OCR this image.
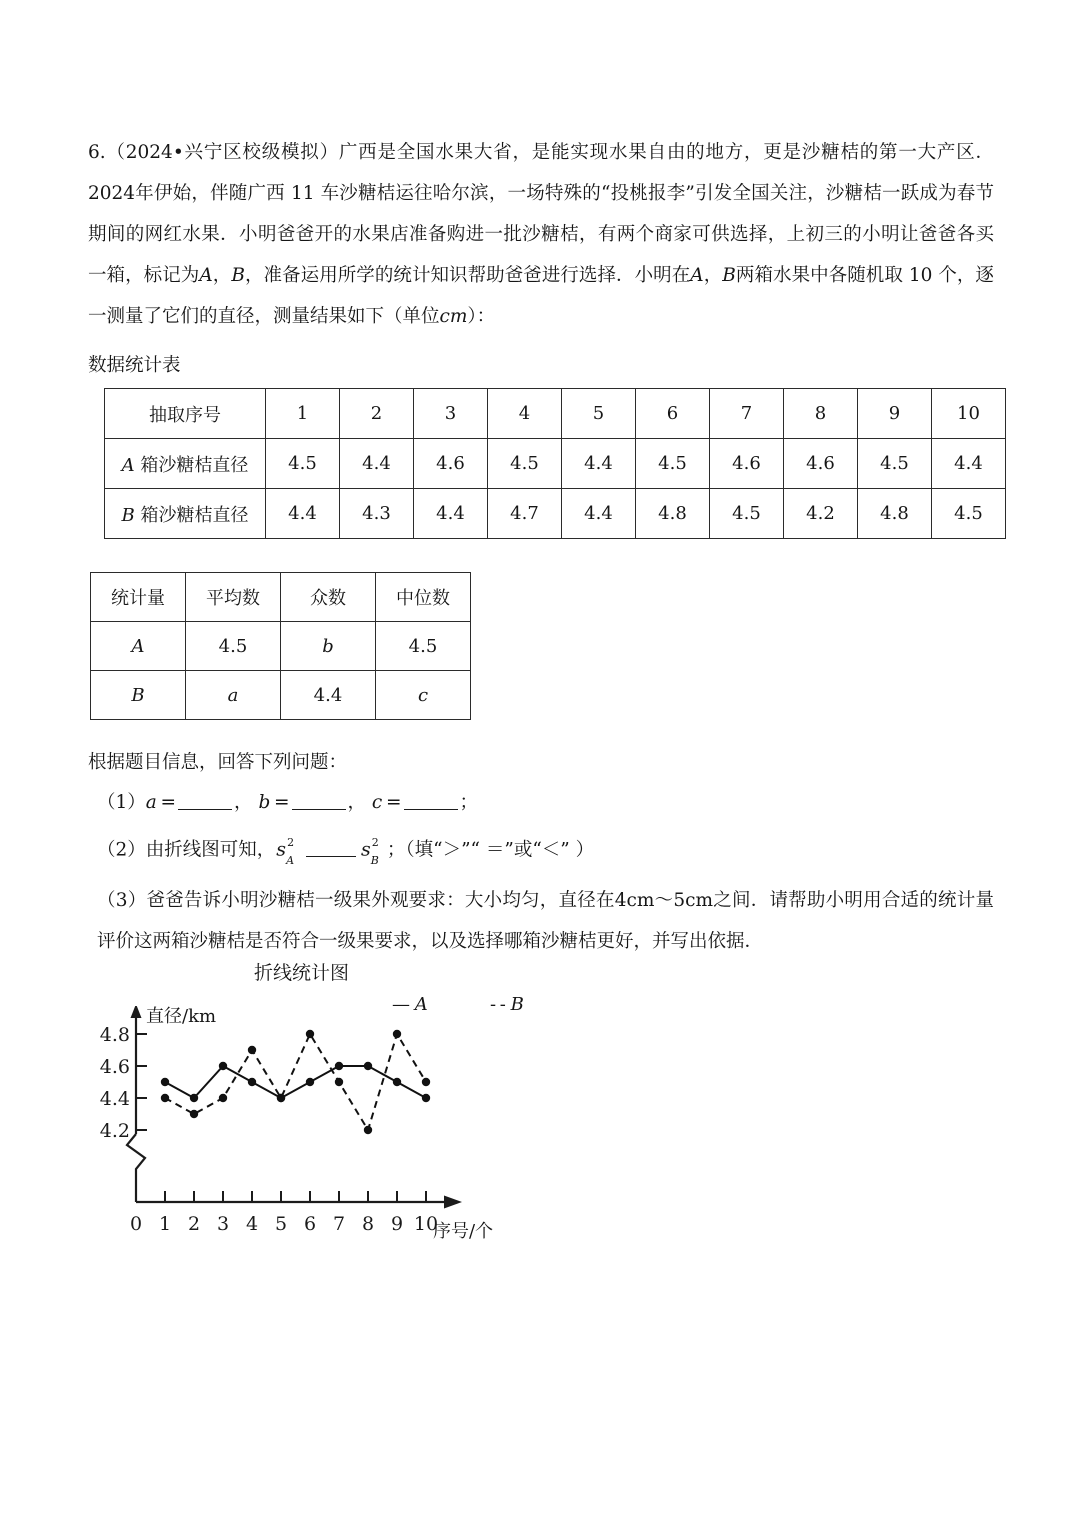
6.（2024•兴宁区校级模拟）广西是全国水果大省，是能实现水果自由的地方，更是沙糖桔的第一大产区．2024年伊始，伴随广西 11 车沙糖桔运往哈尔滨，一场特殊的“投桃报李”引发全国关注，沙糖桔一跃成为春节期间的网红水果．小明爸爸开的水果店准备购进一批沙糖桔，有两个商家可供选择，上初三的小明让爸爸各买一箱，标记为A，B，准备运用所学的统计知识帮助爸爸进行选择．小明在A，B两箱水果中各随机取 10 个，逐一测量了它们的直径，测量结果如下（单位cm）：
数据统计表
抽取序号	1	2	3	4	5	6	7	8	9	10
A 箱沙糖桔直径	4.5	4.4	4.6	4.5	4.4	4.5	4.6	4.6	4.5	4.4
B 箱沙糖桔直径	4.4	4.3	4.4	4.7	4.4	4.8	4.5	4.2	4.8	4.5
统计量	平均数	众数	中位数
A	4.5	b	4.5
B	a	4.4	c
根据题目信息，回答下列问题：
（1）a  =	， b  =	， c  =	；
（2）由折线图可知，$s^2_As^2_B$；（填“＞”“ ＝”或“＜” ）
（3）爸爸告诉小明沙糖桔一级果外观要求：大小均匀，直径在4cm～5cm之间．请帮助小明用合适的统计量评价这两箱沙糖桔是否符合一级果要求，以及选择哪箱沙糖桔更好，并写出依据．
折线统计图
直径/km
序号/个
— A	- - B
4.8
4.6
4.4
4.2
0 1 2 3 4 5 6 7 8 9 10
